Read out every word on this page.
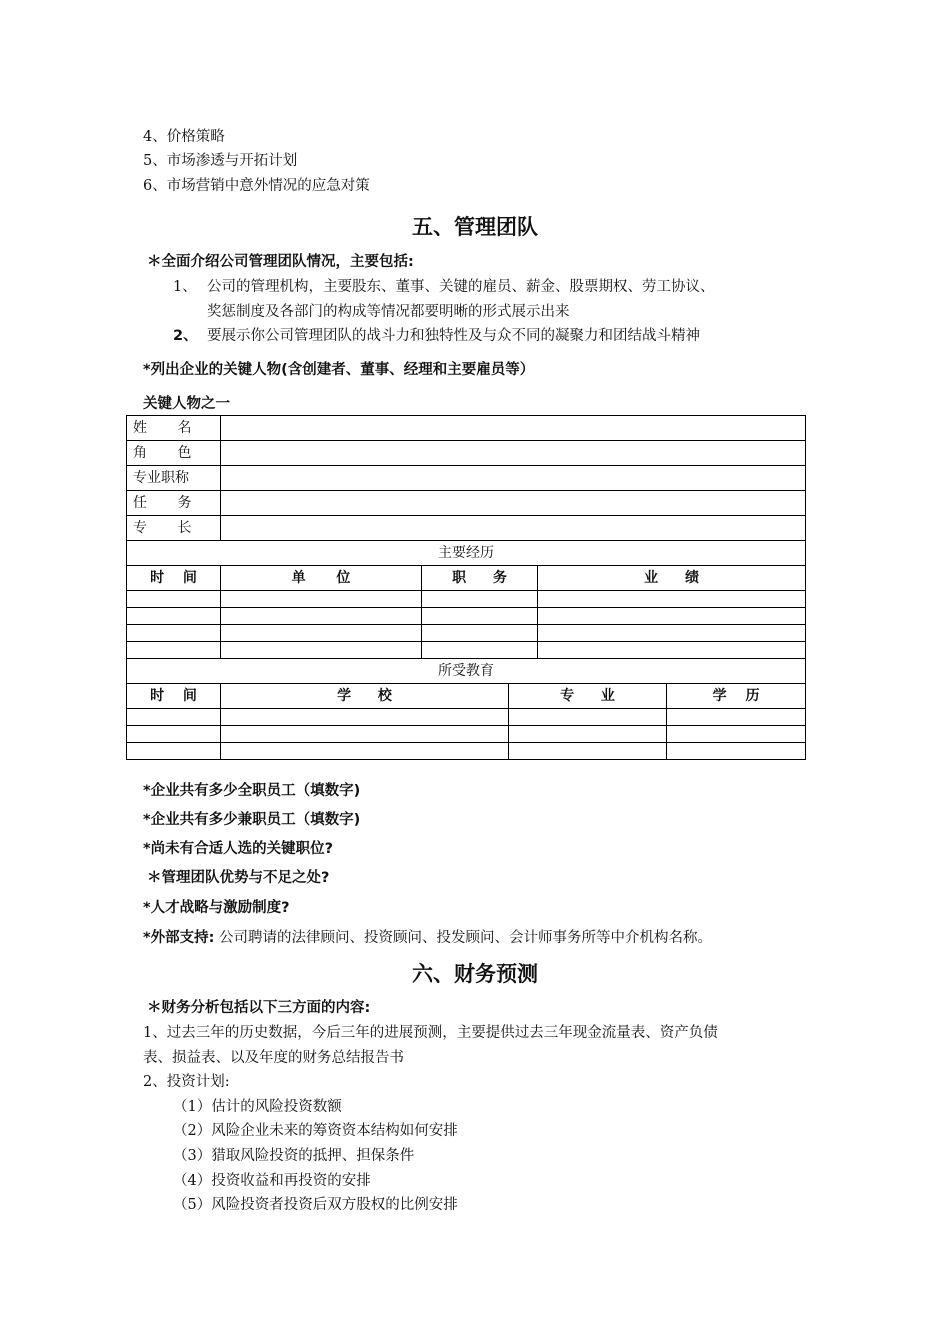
4、价格策略
5、市场渗透与开拓计划
6、市场营销中意外情况的应急对策
五、管理团队
＊全面介绍公司管理团队情况，主要包括:
1、 公司的管理机构，主要股东、董事、关键的雇员、薪金、股票期权、劳工协议、
奖惩制度及各部门的构成等情况都要明晰的形式展示出来
2、 要展示你公司管理团队的战斗力和独特性及与众不同的凝聚力和团结战斗精神
*列出企业的关键人物(含创建者、董事、经理和主要雇员等）
关键人物之一
姓 名					
角 色					
专业职称					
任 务					
专 长					
主要经历					
时 间	单 位	职 务		业 绩	

所受教育					
时 间	学 校		专 业		学 历

*企业共有多少全职员工（填数字)
*企业共有多少兼职员工（填数字)
*尚未有合适人选的关键职位?
＊管理团队优势与不足之处?
*人才战略与激励制度?
*外部支持: 公司聘请的法律顾问、投资顾问、投发顾问、会计师事务所等中介机构名称。
六、财务预测
＊财务分析包括以下三方面的内容:
1、过去三年的历史数据，今后三年的进展预测，主要提供过去三年现金流量表、资产负债
表、损益表、以及年度的财务总结报告书
2、投资计划:
（1）估计的风险投资数额
（2）风险企业未来的筹资资本结构如何安排
（3）猎取风险投资的抵押、担保条件
（4）投资收益和再投资的安排
（5）风险投资者投资后双方股权的比例安排
